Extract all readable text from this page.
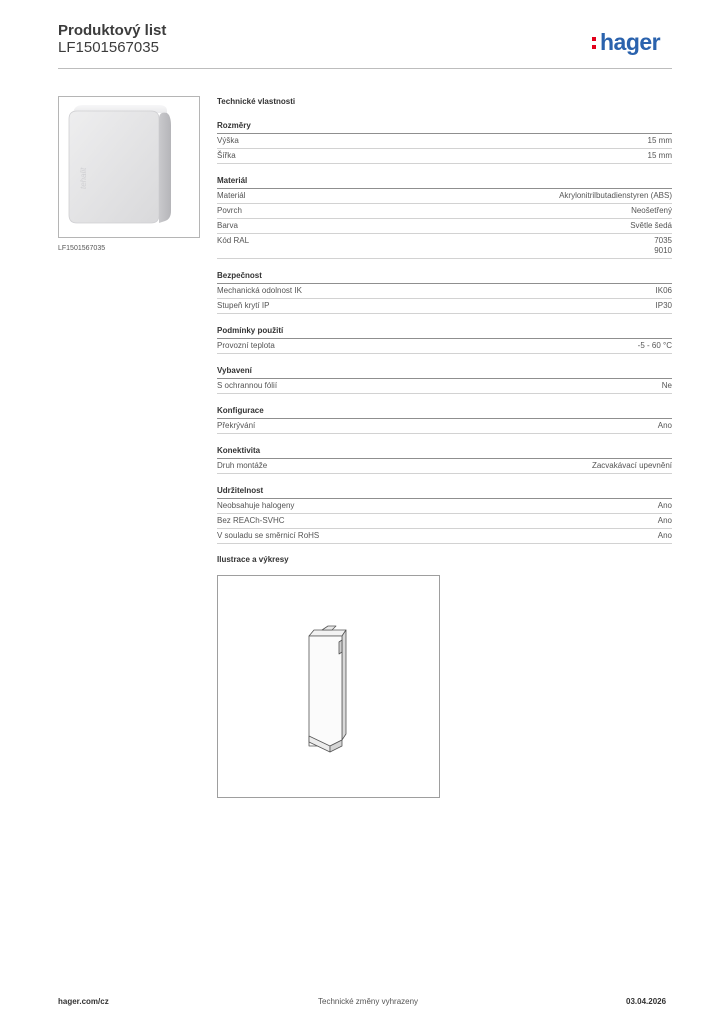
Produktový list
LF1501567035	hager
tehalit
LF1501567035
Technické vlastnosti
Rozměry
Výška	15 mm
Šířka	15 mm
Materiál
Materiál	Akrylonitrilbutadienstyren (ABS)
Povrch	Neošetřený
Barva	Světle šedá
Kód RAL	7035
9010
Bezpečnost
Mechanická odolnost IK	IK06
Stupeň krytí IP	IP30
Podmínky použití
Provozní teplota	-5 - 60 °C
Vybavení
S ochrannou fólií	Ne
Konfigurace
Překrývání	Ano
Konektivita
Druh montáže	Zacvakávací upevnění
Udržitelnost
Neobsahuje halogeny	Ano
Bez REACh-SVHC	Ano
V souladu se směrnicí RoHS	Ano
Ilustrace a výkresy
hager.com/cz	Technické změny vyhrazeny	03.04.2026
